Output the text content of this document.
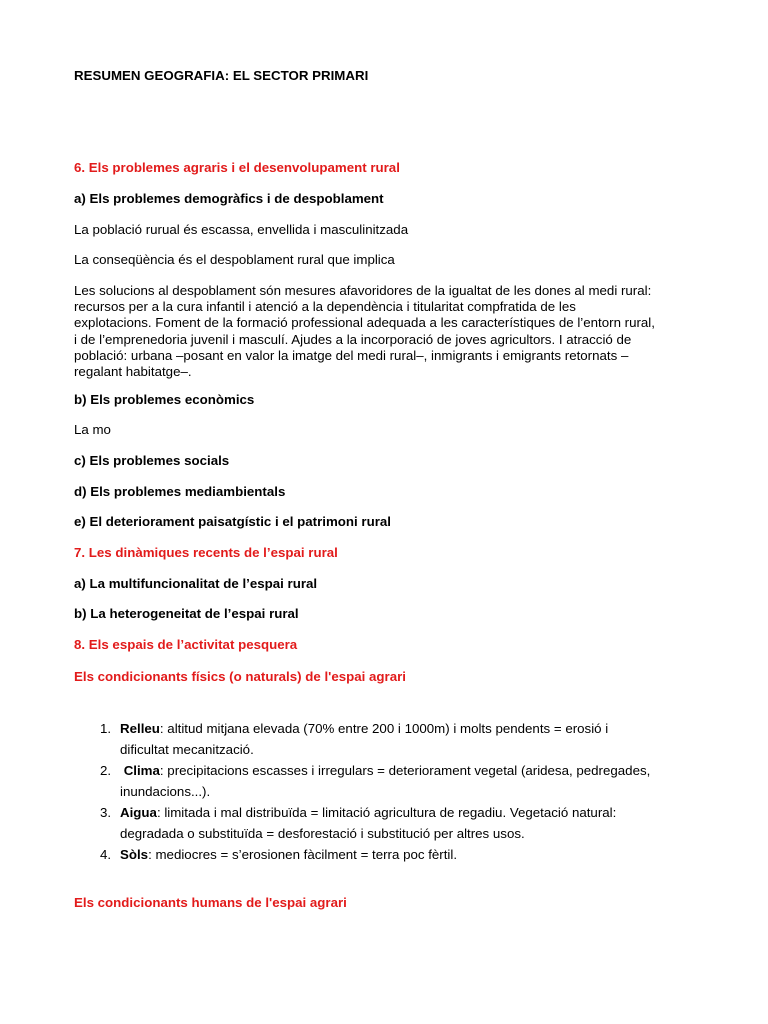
RESUMEN GEOGRAFIA: EL SECTOR PRIMARI

6. Els problemes agraris i el desenvolupament rural

a) Els problemes demogràfics i de despoblament

La població rurual és escassa, envellida i masculinitzada

La conseqüència és el despoblament rural que implica

Les solucions al despoblament són mesures afavoridores de la igualtat de les dones al medi rural:
recursos per a la cura infantil i atenció a la dependència i titularitat compfratida de les
explotacions. Foment de la formació professional adequada a les característiques de l’entorn rural,
i de l’emprenedoria juvenil i masculí. Ajudes a la incorporació de joves agricultors. I atracció de
població: urbana –posant en valor la imatge del medi rural–, inmigrants i emigrants retornats –
regalant habitatge–.

b) Els problemes econòmics

La mo

c) Els problemes socials

d) Els problemes mediambientals

e) El deteriorament paisatgístic i el patrimoni rural

7. Les dinàmiques recents de l’espai rural

a) La multifuncionalitat de l’espai rural

b) La heterogeneitat de l’espai rural

8. Els espais de l’activitat pesquera

Els condicionants físics (o naturals) de l'espai agrari

1. Relleu: altitud mitjana elevada (70% entre 200 i 1000m) i molts pendents = erosió i
dificultat mecanització.
2. Clima: precipitacions escasses i irregulars = deteriorament vegetal (aridesa, pedregades,
inundacions...).
3. Aigua: limitada i mal distribuïda = limitació agricultura de regadiu. Vegetació natural:
degradada o substituïda = desforestació i substitució per altres usos.
4. Sòls: mediocres = s’erosionen fàcilment = terra poc fèrtil.

Els condicionants humans de l'espai agrari
